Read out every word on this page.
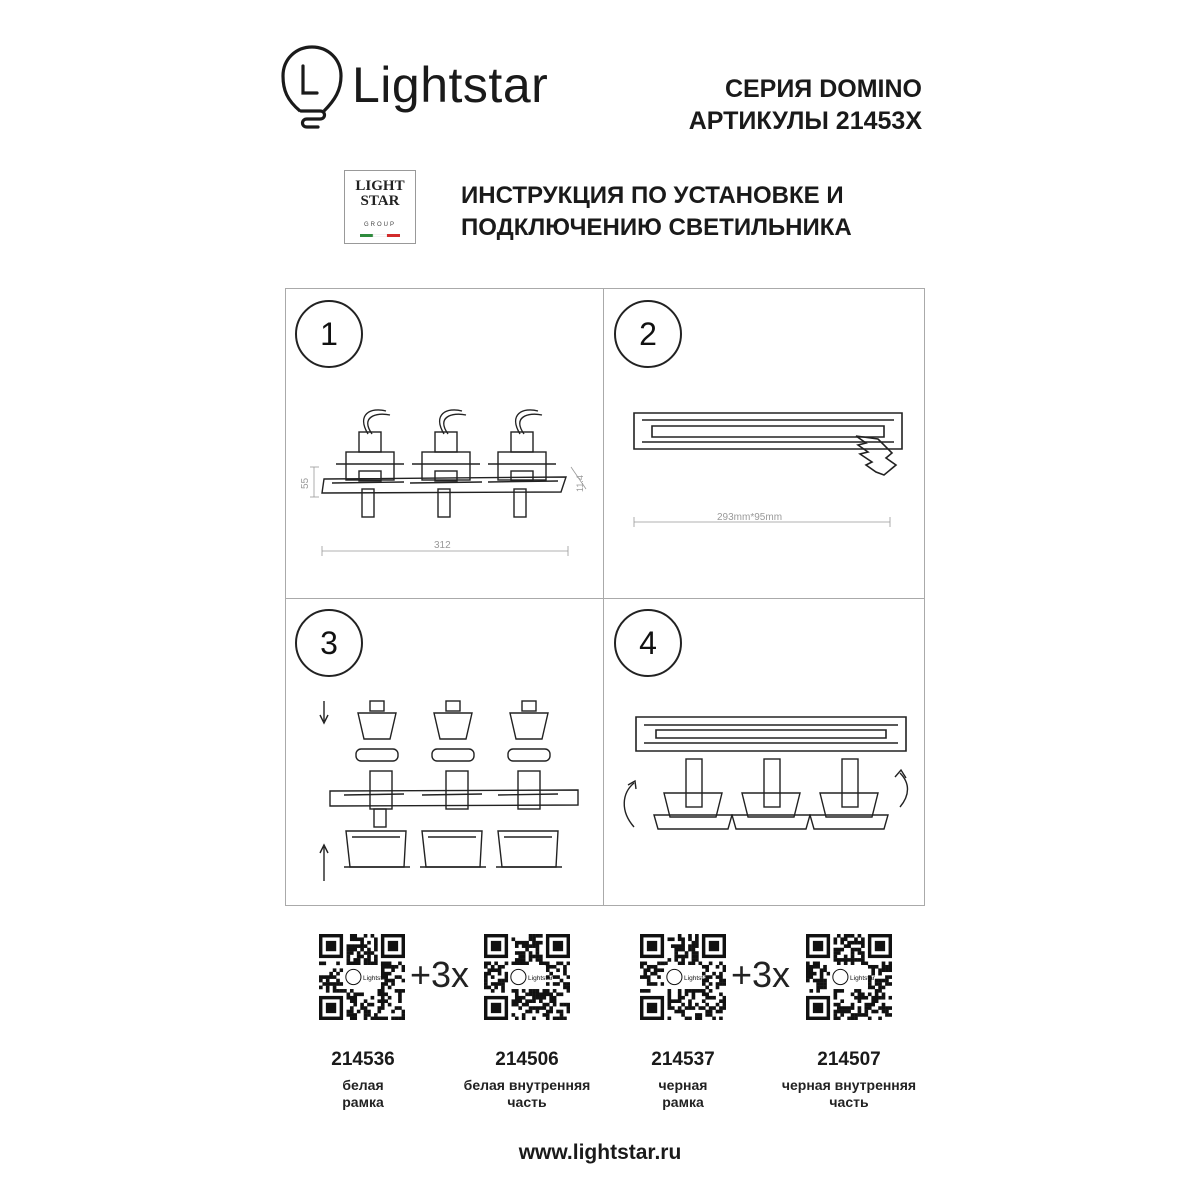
Lightstar	СЕРИЯ DOMINO
АРТИКУЛЫ 21453X
LIGHT
STAR
GROUP
ИНСТРУКЦИЯ ПО УСТАНОВКЕ И
ПОДКЛЮЧЕНИЮ СВЕТИЛЬНИКА
1
55	11.4
312
2
293mm*95mm
3	4
Lightstar +3x	Lightstar	Lightstar +3x	Lightstar
214536	214506	214537	214507
белая
рамка
белая внутренняя
часть
черная
рамка
черная внутренняя
часть
www.lightstar.ru
